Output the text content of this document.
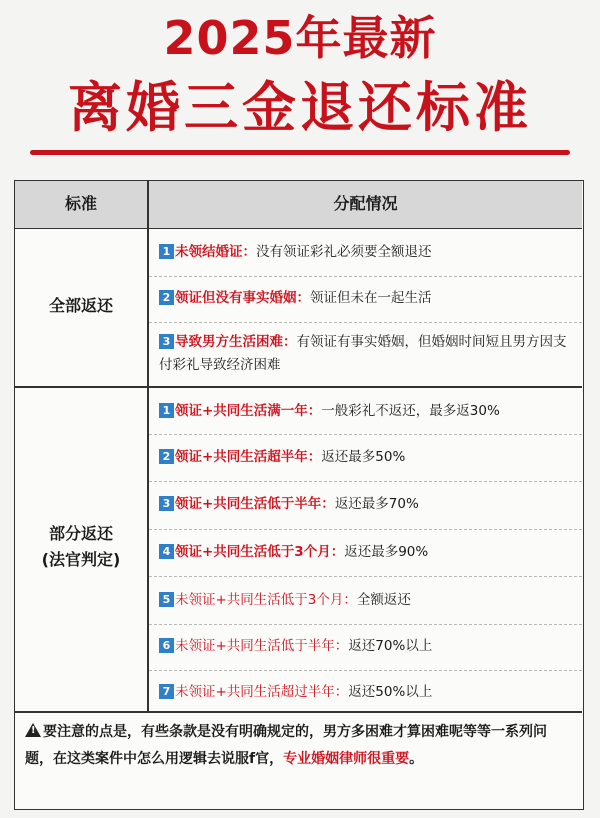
2025年最新
离婚三金退还标准
标准	分配情况
全部返还
1 未领结婚证：没有领证彩礼必须要全额退还
2 领证但没有事实婚姻：领证但未在一起生活
3 导致男方生活困难：有领证有事实婚姻，但婚姻时间短且男方因支付彩礼导致经济困难
部分返还
(法官判定)
1 领证+共同生活满一年：一般彩礼不返还，最多返30%
2 领证+共同生活超半年：返还最多50%
3 领证+共同生活低于半年：返还最多70%
4 领证+共同生活低于3个月：返还最多90%
5 未领证+共同生活低于3个月：全额返还
6 未领证+共同生活低于半年：返还70%以上
7 未领证+共同生活超过半年：返还50%以上
!要注意的点是，有些条款是没有明确规定的，男方多困难才算困难呢等等一系列问题，在这类案件中怎么用逻辑去说服f官，专业婚姻律师很重要。
